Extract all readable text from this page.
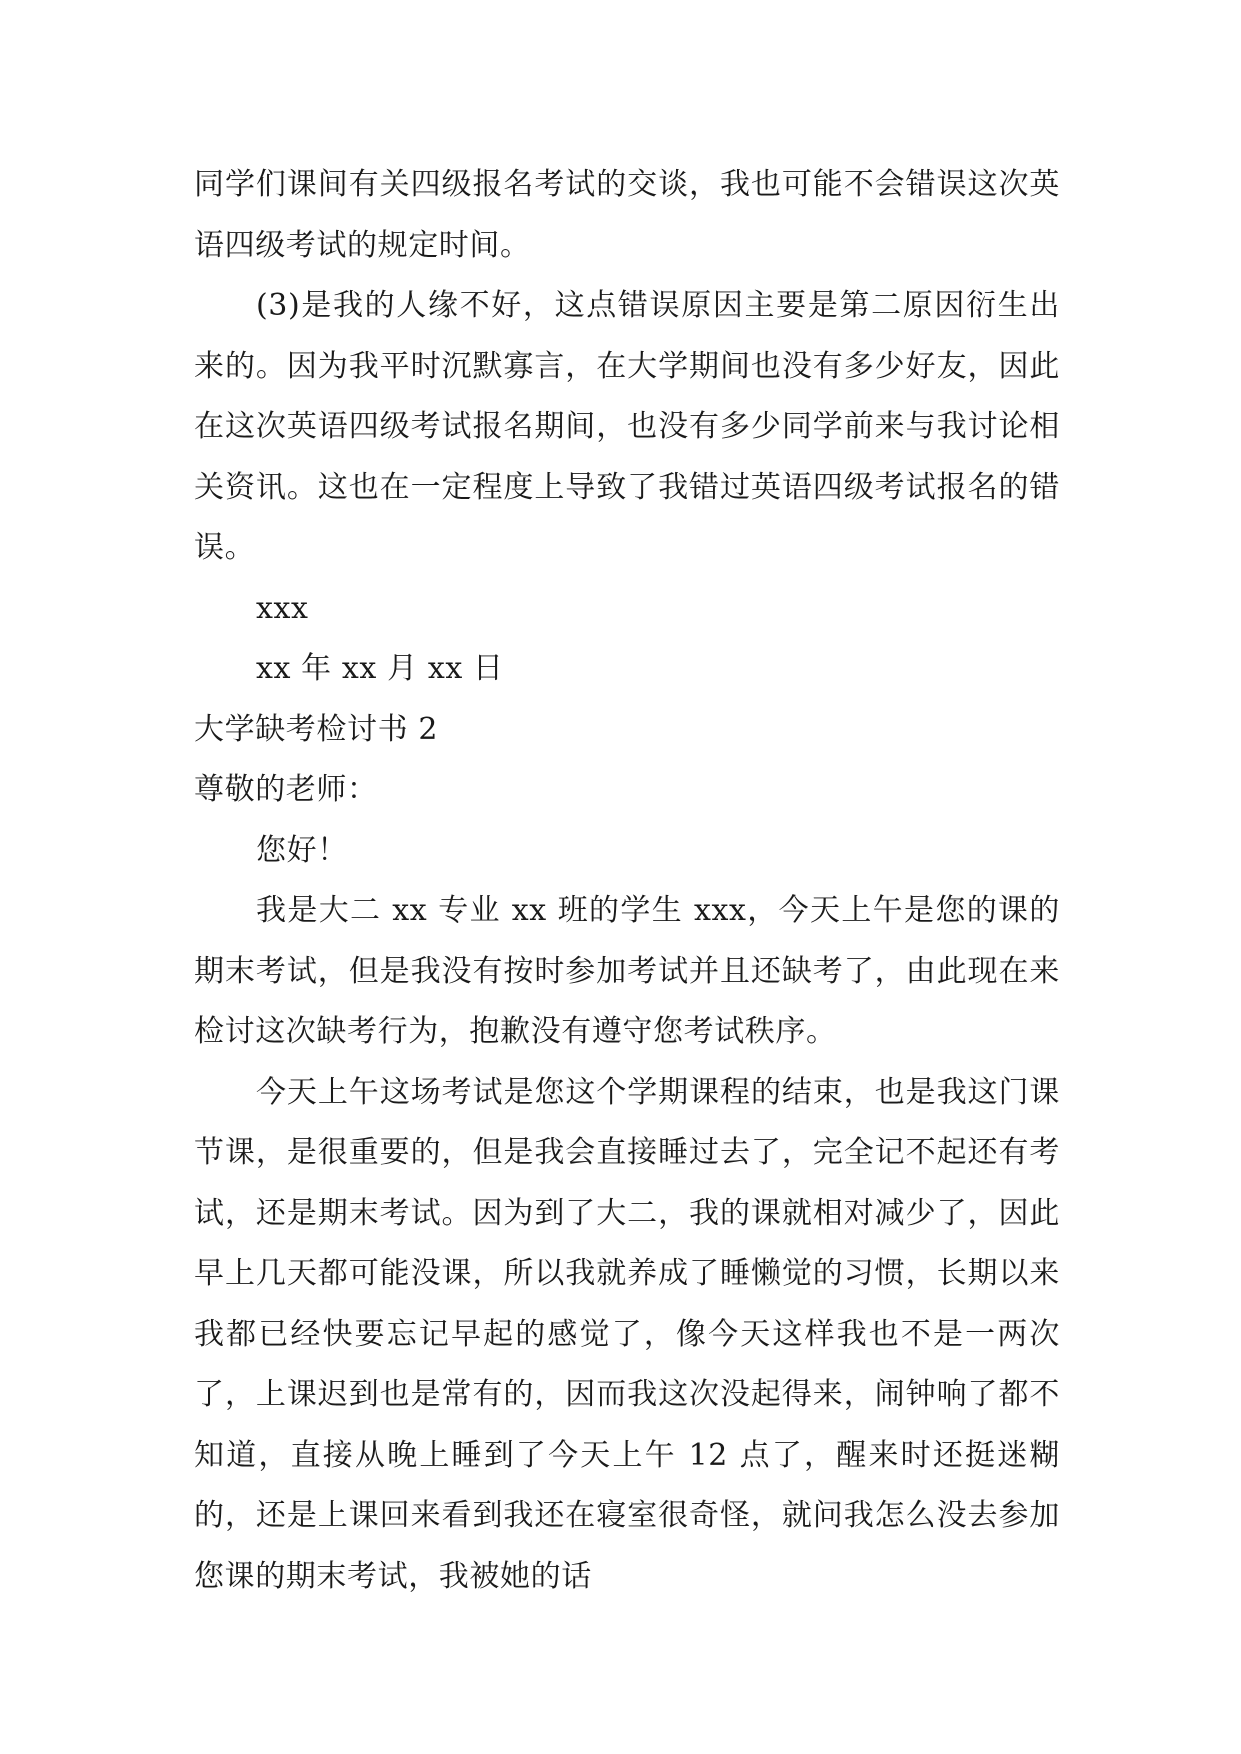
同学们课间有关四级报名考试的交谈，我也可能不会错误这次英语四级考试的规定时间。

(3)是我的人缘不好，这点错误原因主要是第二原因衍生出来的。因为我平时沉默寡言，在大学期间也没有多少好友，因此在这次英语四级考试报名期间，也没有多少同学前来与我讨论相关资讯。这也在一定程度上导致了我错过英语四级考试报名的错误。

xxx

xx 年 xx 月 xx 日

大学缺考检讨书 2

尊敬的老师：

您好！

我是大二 xx 专业 xx 班的学生 xxx，今天上午是您的课的期末考试，但是我没有按时参加考试并且还缺考了，由此现在来检讨这次缺考行为，抱歉没有遵守您考试秩序。

今天上午这场考试是您这个学期课程的结束，也是我这门课节课，是很重要的，但是我会直接睡过去了，完全记不起还有考试，还是期末考试。因为到了大二，我的课就相对减少了，因此早上几天都可能没课，所以我就养成了睡懒觉的习惯，长期以来我都已经快要忘记早起的感觉了，像今天这样我也不是一两次了，上课迟到也是常有的，因而我这次没起得来，闹钟响了都不知道，直接从晚上睡到了今天上午 12 点了，醒来时还挺迷糊的，还是上课回来看到我还在寝室很奇怪，就问我怎么没去参加您课的期末考试，我被她的话
